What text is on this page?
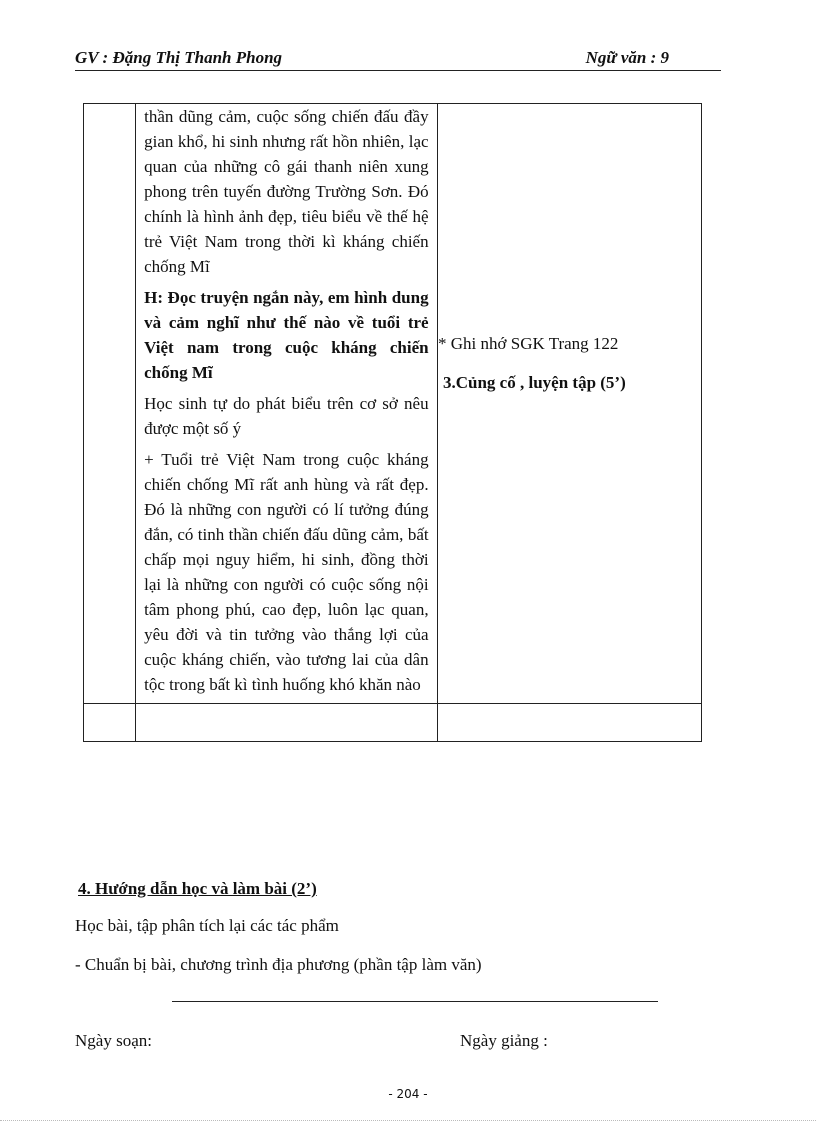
GV : Đặng Thị Thanh Phong	Ngữ văn : 9

	thần dũng cảm, cuộc sống chiến đấu đầy gian khổ, hi sinh nhưng rất hồn nhiên, lạc quan của những cô gái thanh niên xung phong trên tuyến đường Trường Sơn. Đó chính là hình ảnh đẹp, tiêu biểu về thế hệ trẻ Việt Nam trong thời kì kháng chiến chống Mĩ

H: Đọc truyện ngắn này, em hình dung và cảm nghĩ như thế nào về tuổi trẻ Việt nam trong cuộc kháng chiến chống Mĩ

Học sinh tự do phát biểu trên cơ sở nêu được một số ý

+ Tuổi trẻ Việt Nam trong cuộc kháng chiến chống Mĩ rất anh hùng và rất đẹp. Đó là những con người có lí tưởng đúng đắn, có tinh thần chiến đấu dũng cảm, bất chấp mọi nguy hiểm, hi sinh, đồng thời lại là những con người có cuộc sống nội tâm phong phú, cao đẹp, luôn lạc quan, yêu đời và tin tưởng vào thắng lợi của cuộc kháng chiến, vào tương lai của dân tộc trong bất kì tình huống khó khăn nào	

* Ghi nhớ SGK Trang 122
3.Củng cố , luyện tập (5’)
4. Hướng dẫn học và làm bài (2’)
Học bài, tập phân tích lại các tác phẩm
- Chuẩn bị bài, chương trình địa phương (phần tập làm văn)
Ngày soạn:	Ngày giảng :
- 204 -
